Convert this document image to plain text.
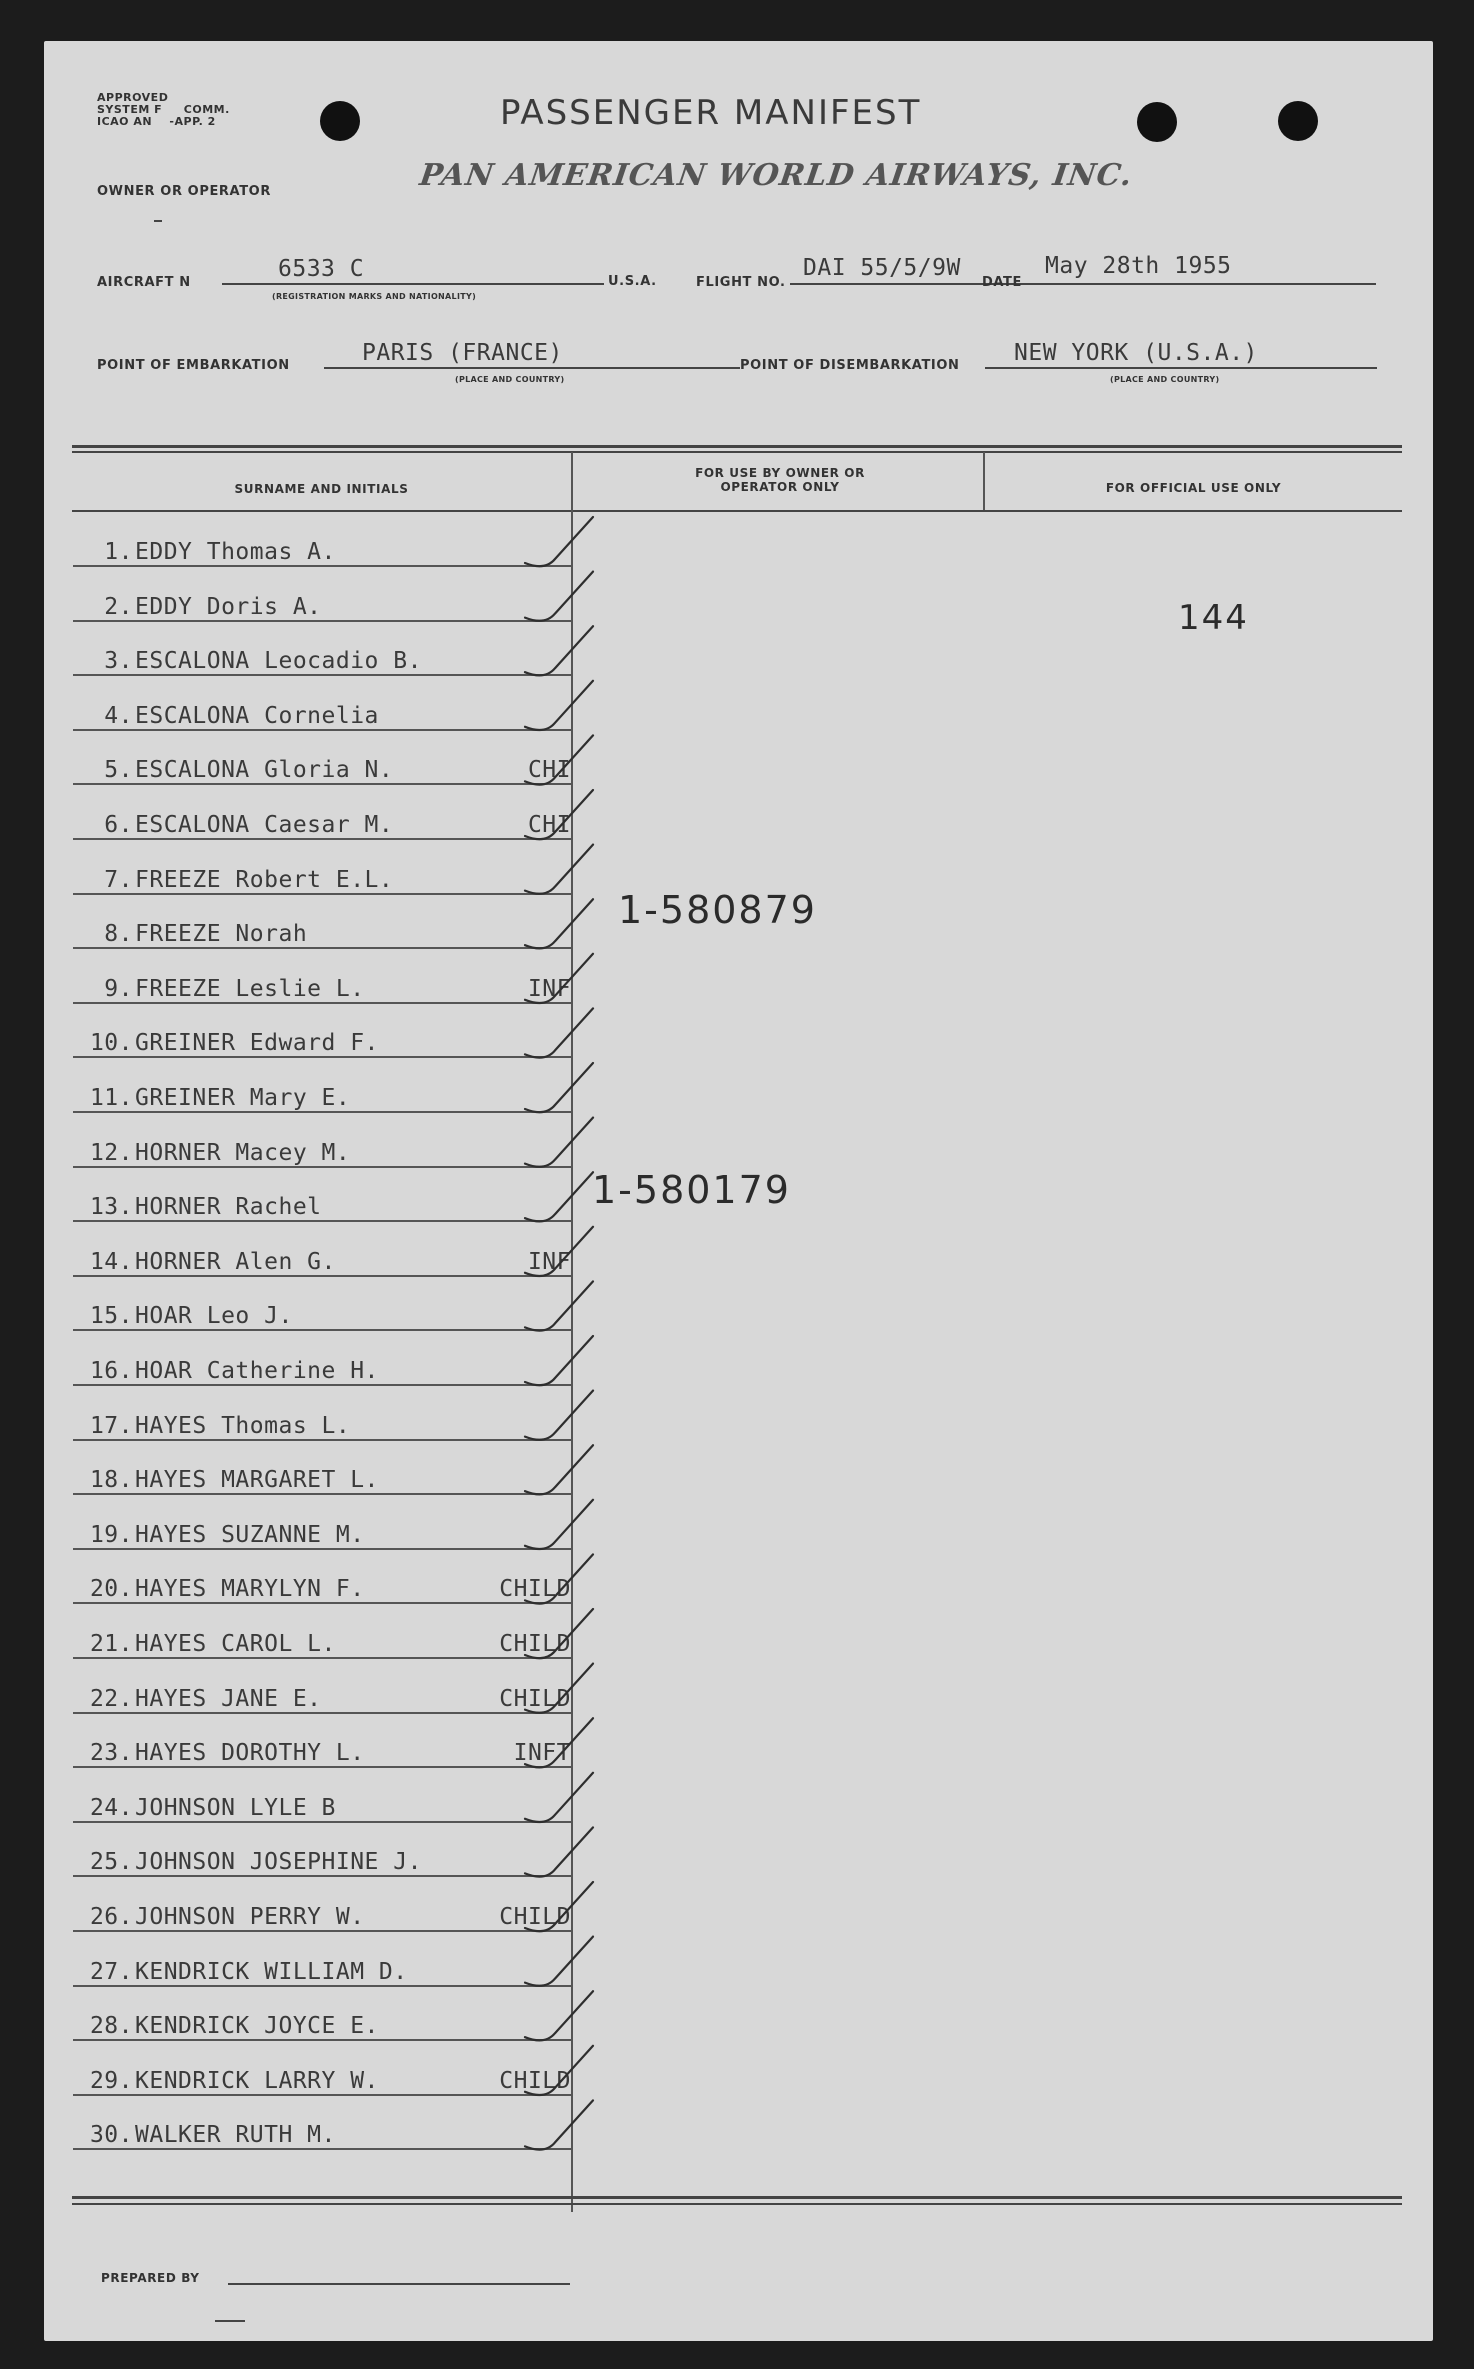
APPROVED
SYSTEM F COMM.
ICAO AN -APP. 2	PASSENGER MANIFEST
PAN AMERICAN WORLD AIRWAYS, INC.
OWNER OR OPERATOR
AIRCRAFT N
6533 C
(REGISTRATION MARKS AND NATIONALITY)
U.S.A.	FLIGHT NO.
DAI 55/5/9W
DATE
May 28th 1955
POINT OF EMBARKATION	PARIS (FRANCE)
(PLACE AND COUNTRY)
POINT OF DISEMBARKATION NEW YORK (U.S.A.)
(PLACE AND COUNTRY)
SURNAME AND INITIALS
FOR USE BY OWNER OR OPERATOR ONLY	FOR OFFICIAL USE ONLY
1. EDDY Thomas A.
2. EDDY Doris A.
3. ESCALONA Leocadio B.
4. ESCALONA Cornelia
5. ESCALONA Gloria N.	CHI
6. ESCALONA Caesar M.	CHI
7. FREEZE Robert E.L.
8. FREEZE Norah
9. FREEZE Leslie L.	INF
10. GREINER Edward F.
11. GREINER Mary E.
12. HORNER Macey M.
13. HORNER Rachel
14. HORNER Alen G.	INF
15. HOAR Leo J.
16. HOAR Catherine H.
17. HAYES Thomas L.
18. HAYES MARGARET L.
19. HAYES SUZANNE M.
20. HAYES MARYLYN F.	CHILD
21. HAYES CAROL L.	CHILD
22. HAYES JANE E.	CHILD
23. HAYES DOROTHY L.	INFT
24. JOHNSON LYLE B
25. JOHNSON JOSEPHINE J.
26. JOHNSON PERRY W.	CHILD
27. KENDRICK WILLIAM D.
28. KENDRICK JOYCE E.
29. KENDRICK LARRY W.	CHILD
30. WALKER RUTH M.
144
1-580879
1-580179
PREPARED BY
